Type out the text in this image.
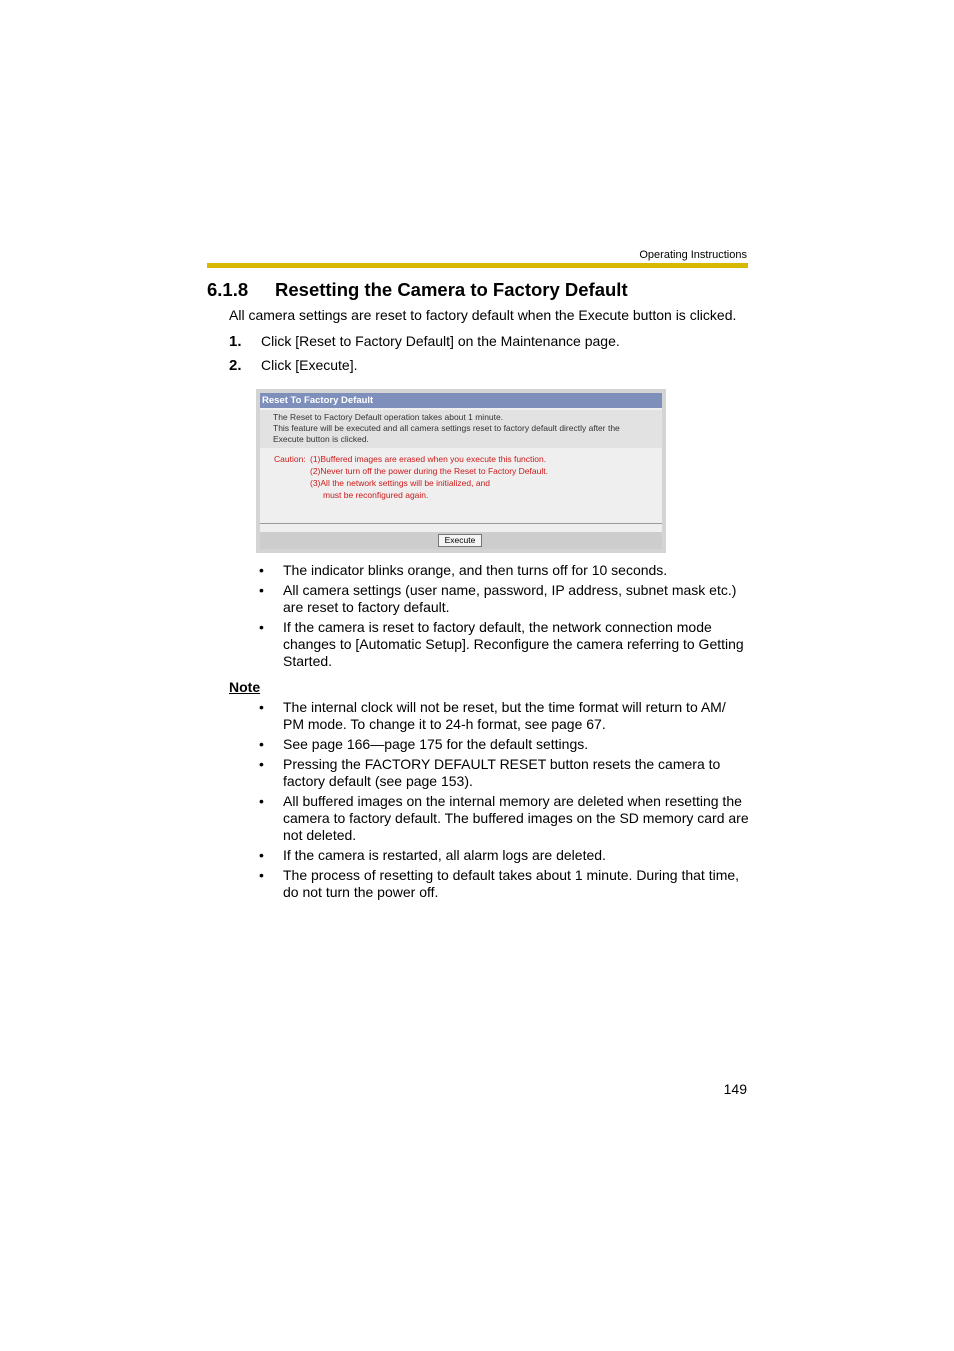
Operating Instructions
6.1.8 Resetting the Camera to Factory Default
All camera settings are reset to factory default when the Execute button is clicked.
1. Click [Reset to Factory Default] on the Maintenance page.
2. Click [Execute].
Reset To Factory Default
The Reset to Factory Default operation takes about 1 minute.
This feature will be executed and all camera settings reset to factory default directly after the
Execute button is clicked.
Caution: (1)Buffered images are erased when you execute this function.
(2)Never turn off the power during the Reset to Factory Default.
(3)All the network settings will be initialized, and
must be reconfigured again.
Execute
• The indicator blinks orange, and then turns off for 10 seconds.
• All camera settings (user name, password, IP address, subnet mask etc.) are reset to factory default.
• If the camera is reset to factory default, the network connection mode changes to [Automatic Setup]. Reconfigure the camera referring to Getting Started.
Note
• The internal clock will not be reset, but the time format will return to AM/ PM mode. To change it to 24-h format, see page 67.
• See page 166—page 175 for the default settings.
• Pressing the FACTORY DEFAULT RESET button resets the camera to factory default (see page 153).
• All buffered images on the internal memory are deleted when resetting the camera to factory default. The buffered images on the SD memory card are not deleted.
• If the camera is restarted, all alarm logs are deleted.
• The process of resetting to default takes about 1 minute. During that time, do not turn the power off.
149
